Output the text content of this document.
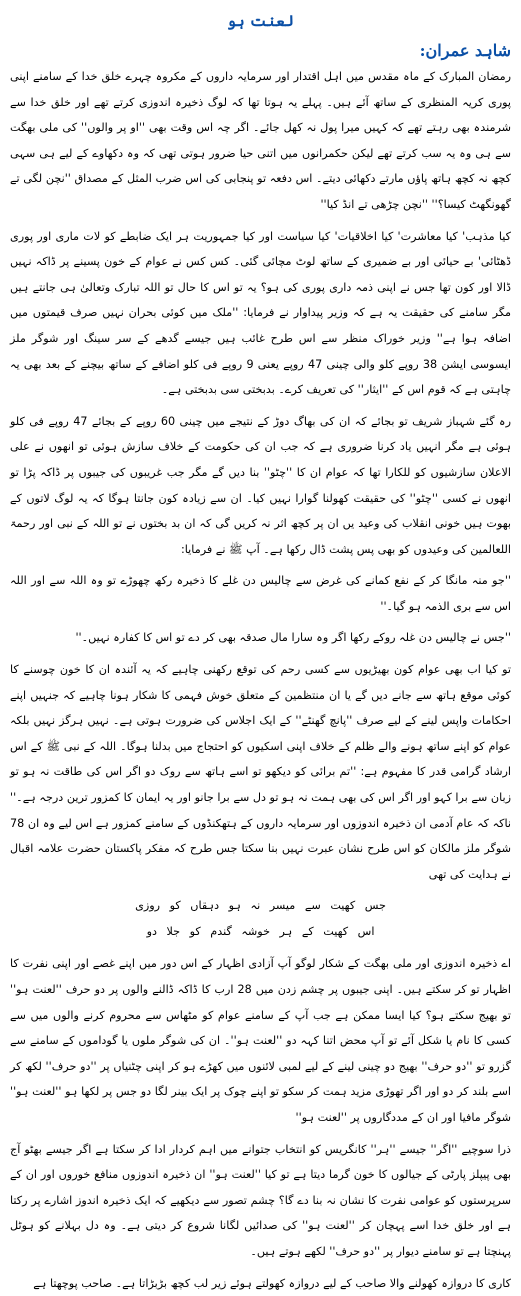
لعنت ہو
شاہد عمران:

رمضان المبارک کے ماہ مقدس میں اہل اقتدار اور سرمایہ داروں کے مکروہ چہرے خلق خدا کے سامنے اپنی پوری کریہ المنظری کے ساتھ آئے ہیں۔ پہلے یہ ہوتا تھا کہ لوگ ذخیرہ اندوزی کرتے تھے اور خلق خدا سے شرمندہ بھی رہتے تھے کہ کہیں میرا پول نہ کھل جائے۔ اگر چہ اس وقت بھی ''او پر والوں'' کی ملی بھگت سے ہی وہ یہ سب کرتے تھے لیکن حکمرانوں میں اتنی حیا ضرور ہوتی تھی کہ وہ دکھاوے کے لیے ہی سہی کچھ نہ کچھ ہاتھ پاؤں مارتے دکھائی دیتے۔ اس دفعہ تو پنجابی کی اس ضرب المثل کے مصداق ''نچن لگی تے گھونگھٹ کیسا؟'' ''نچن چڑھی تے انڈ کیا''

کیا مذہب' کیا معاشرت' کیا اخلاقیات' کیا سیاست اور کیا جمہوریت ہر ایک ضابطے کو لات ماری اور پوری ڈھٹائی' بے حیائی اور بے ضمیری کے ساتھ لوٹ مچائی گئی۔ کس کس نے عوام کے خون پسینے پر ڈاکہ نہیں ڈالا اور کون تھا جس نے اپنی ذمہ داری پوری کی ہو؟ یہ تو اس کا حال تو اللہ تبارک وتعالیٰ ہی جانتے ہیں مگر سامنے کی حقیقت یہ ہے کہ وزیر پیداوار نے فرمایا: ''ملک میں کوئی بحران نہیں صرف قیمتوں میں اضافہ ہوا ہے'' وزیر خوراک منظر سے اس طرح غائب ہیں جیسے گدھے کے سر سینگ اور شوگر ملز ایسوسی ایشن 38 روپے کلو والی چینی 47 روپے یعنی 9 روپے فی کلو اضافے کے ساتھ بیچنے کے بعد بھی یہ چاہتی ہے کہ قوم اس کے ''ایثار'' کی تعریف کرے۔ بدبختی سی بدبختی ہے۔

رہ گئے شہباز شریف تو بجائے کہ ان کی بھاگ دوڑ کے نتیجے میں چینی 60 روپے کے بجائے 47 روپے فی کلو ہوئی ہے مگر انہیں یاد کرنا ضروری ہے کہ جب ان کی حکومت کے خلاف سازش ہوئی تو انھوں نے علی الاعلان سازشیوں کو للکارا تھا کہ عوام ان کا ''چٹو'' بنا دیں گے مگر جب غریبوں کی جیبوں پر ڈاکہ پڑا تو انھوں نے کسی ''چٹو'' کی حقیقت کھولنا گوارا نہیں کیا۔ ان سے زیادہ کون جانتا ہوگا کہ یہ لوگ لاتوں کے بھوت ہیں خونی انقلاب کی وعید یں ان پر کچھ اثر نہ کریں گی کہ ان بد بختوں نے تو اللہ کے نبی اور رحمۃ اللعالمین کی وعیدوں کو بھی پس پشت ڈال رکھا ہے۔ آپ ﷺ نے فرمایا:

''جو منہ مانگا کر کے نفع کمانے کی غرض سے چالیس دن غلے کا ذخیرہ رکھ چھوڑے تو وہ اللہ سے اور اللہ اس سے بری الذمہ ہو گیا۔''

''جس نے چالیس دن غلہ روکے رکھا اگر وہ سارا مال صدقہ بھی کر دے تو اس کا کفارہ نہیں۔''

تو کیا اب بھی عوام کون بھیڑیوں سے کسی رحم کی توقع رکھنی چاہیے کہ یہ آئندہ ان کا خون چوسنے کا کوئی موقع ہاتھ سے جانے دیں گے یا ان منتظمین کے متعلق خوش فہمی کا شکار ہونا چاہیے کہ جنہیں اپنے احکامات واپس لینے کے لیے صرف ''پانچ گھنٹے'' کے ایک اجلاس کی ضرورت ہوتی ہے۔ نہیں ہرگز نہیں بلکہ عوام کو اپنے ساتھ ہونے والے ظلم کے خلاف اپنی اسکیوں کو احتجاج میں بدلنا ہوگا۔ اللہ کے نبی ﷺ کے اس ارشاد گرامی قدر کا مفہوم ہے: ''تم برائی کو دیکھو تو اسے ہاتھ سے روک دو اگر اس کی طاقت نہ ہو تو زبان سے برا کہو اور اگر اس کی بھی ہمت نہ ہو تو دل سے برا جانو اور یہ ایمان کا کمزور ترین درجہ ہے۔'' ناکہ کہ عام آدمی ان ذخیرہ اندوزوں اور سرمایہ داروں کے ہتھکنڈوں کے سامنے کمزور ہے اس لیے وہ ان 78 شوگر ملز مالکان کو اس طرح نشان عبرت نہیں بنا سکتا جس طرح کہ مفکر پاکستان حضرت علامہ اقبال نے ہدایت کی تھی

جس کھیت سے میسر نہ ہو دہقاں کو روزی
اس کھیت کے ہر خوشہ گندم کو جلا دو

اے ذخیرہ اندوزی اور ملی بھگت کے شکار لوگو آپ آزادی اظہار کے اس دور میں اپنے غصے اور اپنی نفرت کا اظہار تو کر سکتے ہیں۔ اپنی جیبوں پر چشم زدن میں 28 ارب کا ڈاکہ ڈالنے والوں پر دو حرف ''لعنت ہو'' تو بھیج سکتے ہو؟ کیا ایسا ممکن ہے جب آپ کے سامنے عوام کو مٹھاس سے محروم کرنے والوں میں سے کسی کا نام یا شکل آئے تو آپ محض اتنا کہہ دو ''لعنت ہو''۔ ان کی شوگر ملوں یا گوداموں کے سامنے سے گزرو تو ''دو حرف'' بھیج دو چینی لینے کے لیے لمبی لائنوں میں کھڑے ہو کر اپنی چٹنیاں پر ''دو حرف'' لکھ کر اسے بلند کر دو اور اگر تھوڑی مزید ہمت کر سکو تو اپنے چوک پر ایک بینر لگا دو جس پر لکھا ہو ''لعنت ہو'' شوگر مافیا اور ان کے مددگاروں پر ''لعنت ہو''

ذرا سوچیے ''اگر'' جیسے ''ہر'' کانگریس کو انتخاب جتوانے میں اہم کردار ادا کر سکتا ہے اگر جیسے بھٹو آج بھی پیپلز پارٹی کے جیالوں کا خون گرما دیتا ہے تو کیا ''لعنت ہو'' ان ذخیرہ اندوزوں منافع خوروں اور ان کے سرپرستوں کو عوامی نفرت کا نشان نہ بنا دے گا؟ چشم تصور سے دیکھیے کہ ایک ذخیرہ اندوز اشارے پر رکتا ہے اور خلق خدا اسے پہچان کر ''لعنت ہو'' کی صدائیں لگانا شروع کر دیتی ہے۔ وہ دل بہلانے کو ہوٹل پہنچتا ہے تو سامنے دیوار پر ''دو حرف'' لکھے ہوتے ہیں۔

کاری کا دروازہ کھولنے والا صاحب کے لیے دروازہ کھولتے ہوئے زیر لب کچھ بڑبڑاتا ہے۔ صاحب پوچھتا ہے
